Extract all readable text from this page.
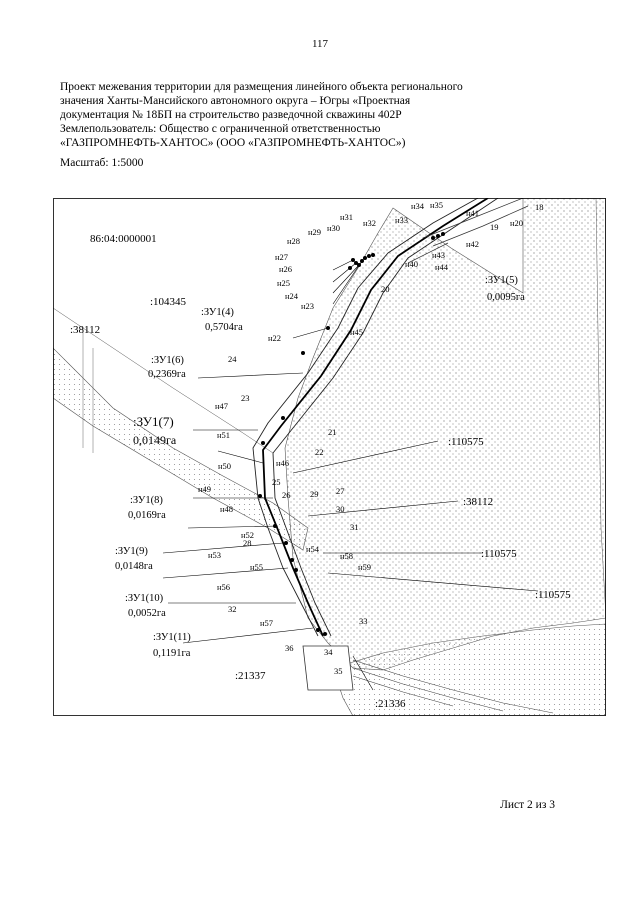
117
Проект межевания территории для размещения линейного объекта регионального
значения Ханты-Мансийского автономного округа – Югры «Проектная
документация № 18БП на строительство разведочной скважины 402Р
Землепользователь: Общество с ограниченной ответственностью
«ГАЗПРОМНЕФТЬ-ХАНТОС» (ООО «ГАЗПРОМНЕФТЬ-ХАНТОС»)
Масштаб: 1:5000
86:04:0000001
:104345
:38112
:110575
:38112
:110575
:110575
:21337
:21336
:ЗУ1(4)
0,5704га
:ЗУ1(5)
0,0095га
:ЗУ1(6)
0,2369га
:ЗУ1(7)
0,0149га
:ЗУ1(8)
0,0169га
:ЗУ1(9)
0,0148га
:ЗУ1(10)
0,0052га
:ЗУ1(11)
0,1191га
18
19
20
21
22
23
24
25
26	27
28
29
30
31
32
33
34
35
36
н20
н22
н23
н24
н25
н26
н27
н28
н29 н30
н31
н32 н33
н34 н35
н40
н41
н42
н43
н44
н45
н46
н47
н48
н49
н50
н51
н52
н53
н54
н55
н56
н57
н58
н59
Лист 2 из 3
